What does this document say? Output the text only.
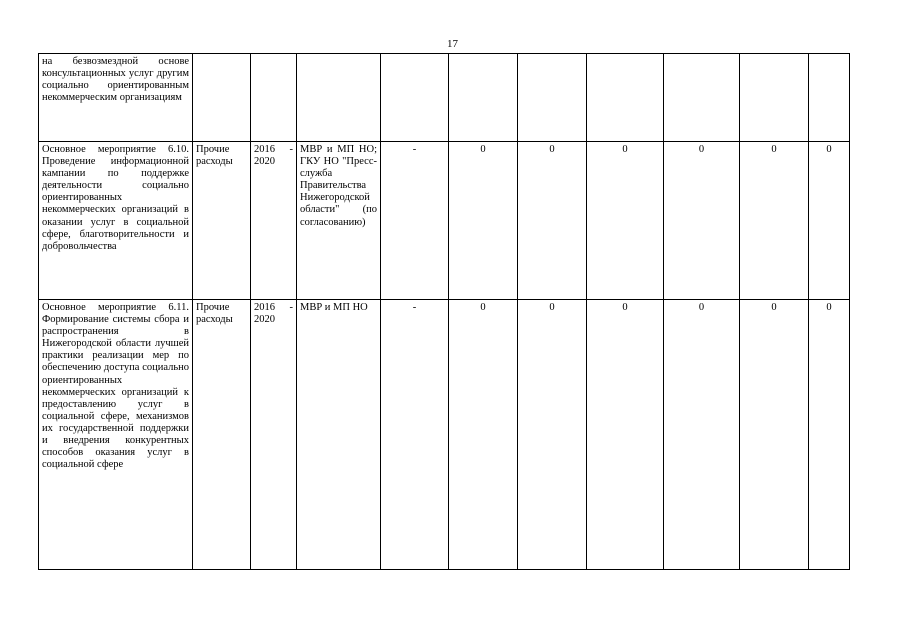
17
на безвозмездной основе консультационных услуг другим социально ориентированным некоммерческим организациям										
Основное мероприятие 6.10. Проведение информационной кампании по поддержке деятельности социально ориентированных некоммерческих организаций в оказании услуг в социальной сфере, благотворительности и добровольчества	Прочие расходы	2016 - 2020	МВР и МП НО; ГКУ НО "Пресс-служба Правительства Нижегородской области" (по согласованию)	-	0	0	0	0	0	0
Основное мероприятие 6.11. Формирование системы сбора и распространения в Нижегородской области лучшей практики реализации мер по обеспечению доступа социально ориентированных некоммерческих организаций к предоставлению услуг в социальной сфере, механизмов их государственной поддержки и внедрения конкурентных способов оказания услуг в социальной сфере	Прочие расходы	2016 - 2020	МВР и МП НО	-	0	0	0	0	0	0
